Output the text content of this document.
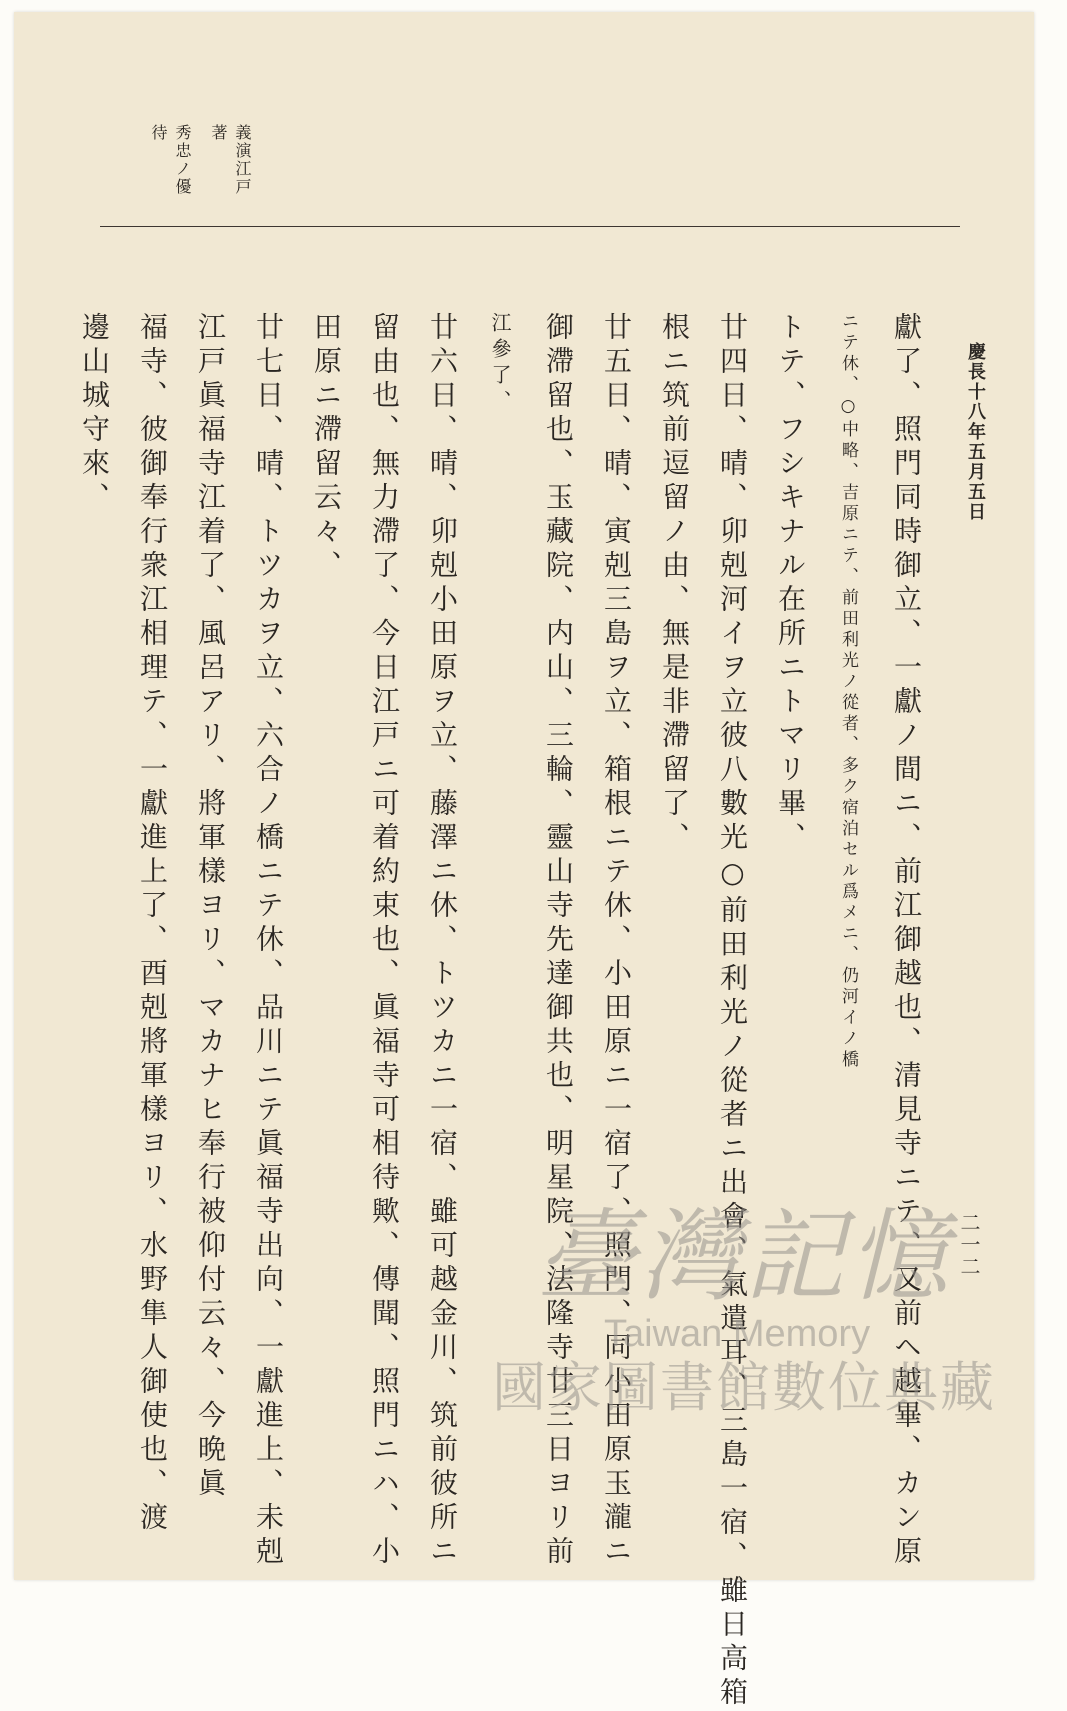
慶長十八年五月五日
二一二
義演江戸
著
秀忠ノ優
待
獻了、照門同時御立、一獻ノ間ニ、前江御越也、清見寺ニテ、又前ヘ越畢、カン原
ニテ休、○中略、吉原ニテ、前田利光ノ從者、多ク宿泊セル爲メニ、仍河イノ橋
トテ、フシキナル在所ニトマリ畢、
廿四日、晴、卯剋河イヲ立彼八數光○前田利光ノ從者ニ出會、氣遣耳、三島一宿、雖日高箱
根ニ筑前逗留ノ由、無是非滯留了、
廿五日、晴、寅剋三島ヲ立、箱根ニテ休、小田原ニ一宿了、照門、同小田原玉瀧ニ
御滯留也、玉藏院、内山、三輪、靈山寺先達御共也、明星院、法隆寺廿三日ヨリ前
江參了、
廿六日、晴、卯剋小田原ヲ立、藤澤ニ休、トツカニ一宿、雖可越金川、筑前彼所ニ
留由也、無力滯了、今日江戸ニ可着約束也、眞福寺可相待歟、傳聞、照門ニハ、小
田原ニ滯留云々、
廿七日、晴、トツカヲ立、六合ノ橋ニテ休、品川ニテ眞福寺出向、一獻進上、未剋
江戸眞福寺江着了、風呂アリ、將軍樣ヨリ、マカナヒ奉行被仰付云々、今晩眞
福寺、彼御奉行衆江相理テ、一獻進上了、酉剋將軍樣ヨリ、水野隼人御使也、渡
邊山城守來、
臺灣記憶
Taiwan Memory
國家圖書館數位典藏
